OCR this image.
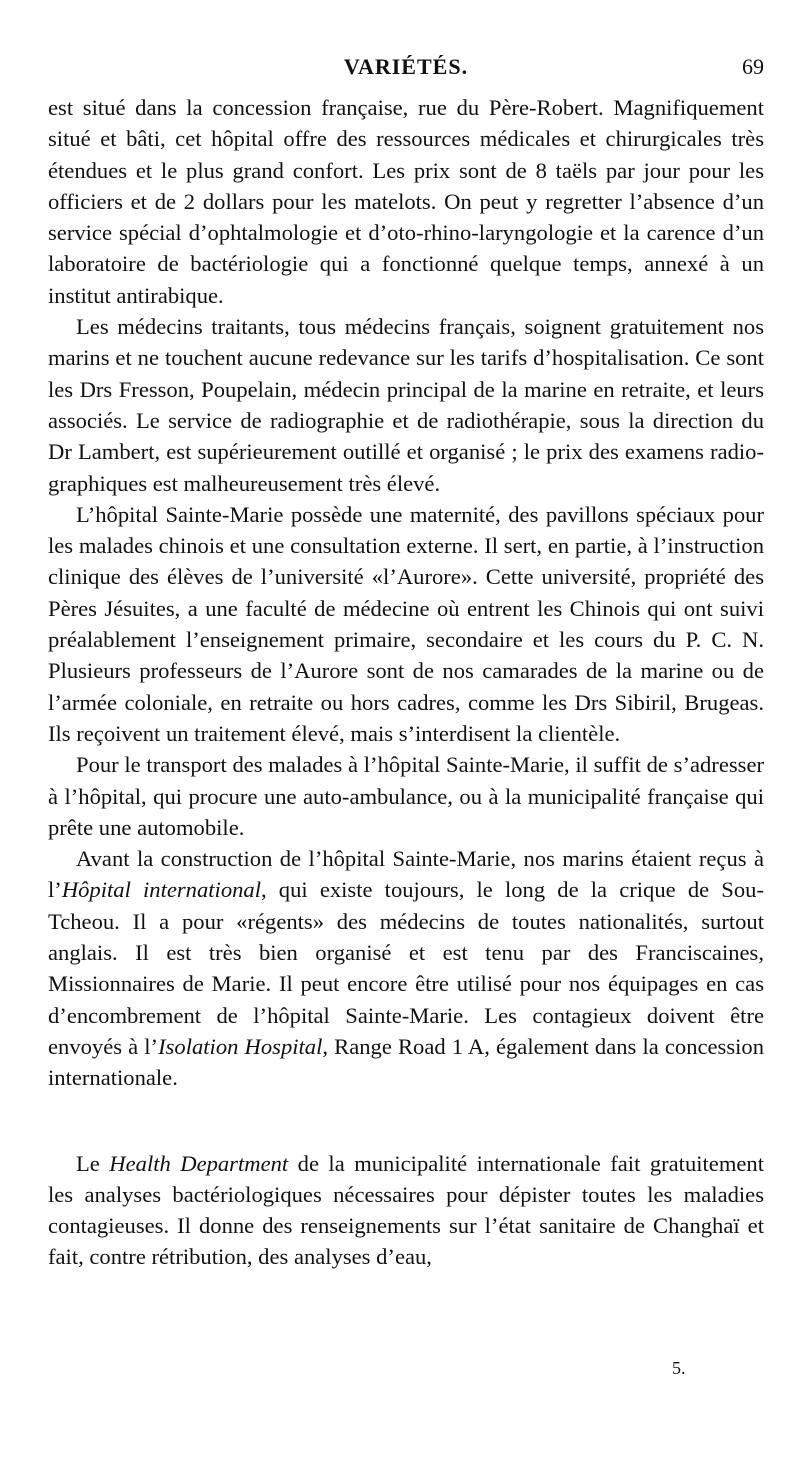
VARIÉTÉS.	69

est situé dans la concession française, rue du Père-Robert. Magnifiquement situé et bâti, cet hôpital offre des ressources médicales et chirurgicales très étendues et le plus grand confort. Les prix sont de 8 taëls par jour pour les officiers et de 2 dollars pour les matelots. On peut y regretter l’absence d’un service spécial d’ophtalmologie et d’oto-rhino-laryngologie et la carence d’un laboratoire de bactériologie qui a fonctionné quelque temps, annexé à un institut antirabique.

Les médecins traitants, tous médecins français, soignent gratuitement nos marins et ne touchent aucune redevance sur les tarifs d’hospitalisation. Ce sont les Drs Fresson, Poupelain, médecin principal de la marine en retraite, et leurs associés. Le service de radiographie et de radiothérapie, sous la direction du Dr Lambert, est supérieurement outillé et organisé ; le prix des examens radiographiques est malheureusement très élevé.

L’hôpital Sainte-Marie possède une maternité, des pavillons spéciaux pour les malades chinois et une consultation externe. Il sert, en partie, à l’instruction clinique des élèves de l’université «l’Aurore». Cette université, propriété des Pères Jésuites, a une faculté de médecine où entrent les Chinois qui ont suivi préalablement l’enseignement primaire, secondaire et les cours du P. C. N. Plusieurs professeurs de l’Aurore sont de nos camarades de la marine ou de l’armée coloniale, en retraite ou hors cadres, comme les Drs Sibiril, Brugeas. Ils reçoivent un traitement élevé, mais s’interdisent la clientèle.

Pour le transport des malades à l’hôpital Sainte-Marie, il suffit de s’adresser à l’hôpital, qui procure une auto-ambulance, ou à la municipalité française qui prête une automobile.

Avant la construction de l’hôpital Sainte-Marie, nos marins étaient reçus à l’Hôpital international, qui existe toujours, le long de la crique de Sou-Tcheou. Il a pour «régents» des médecins de toutes nationalités, surtout anglais. Il est très bien organisé et est tenu par des Franciscaines, Missionnaires de Marie. Il peut encore être utilisé pour nos équipages en cas d’encombrement de l’hôpital Sainte-Marie. Les contagieux doivent être envoyés à l’Isolation Hospital, Range Road 1 A, également dans la concession internationale.

Le Health Department de la municipalité internationale fait gratuitement les analyses bactériologiques nécessaires pour dépister toutes les maladies contagieuses. Il donne des renseignements sur l’état sanitaire de Changhaï et fait, contre rétribution, des analyses d’eau,

5.
